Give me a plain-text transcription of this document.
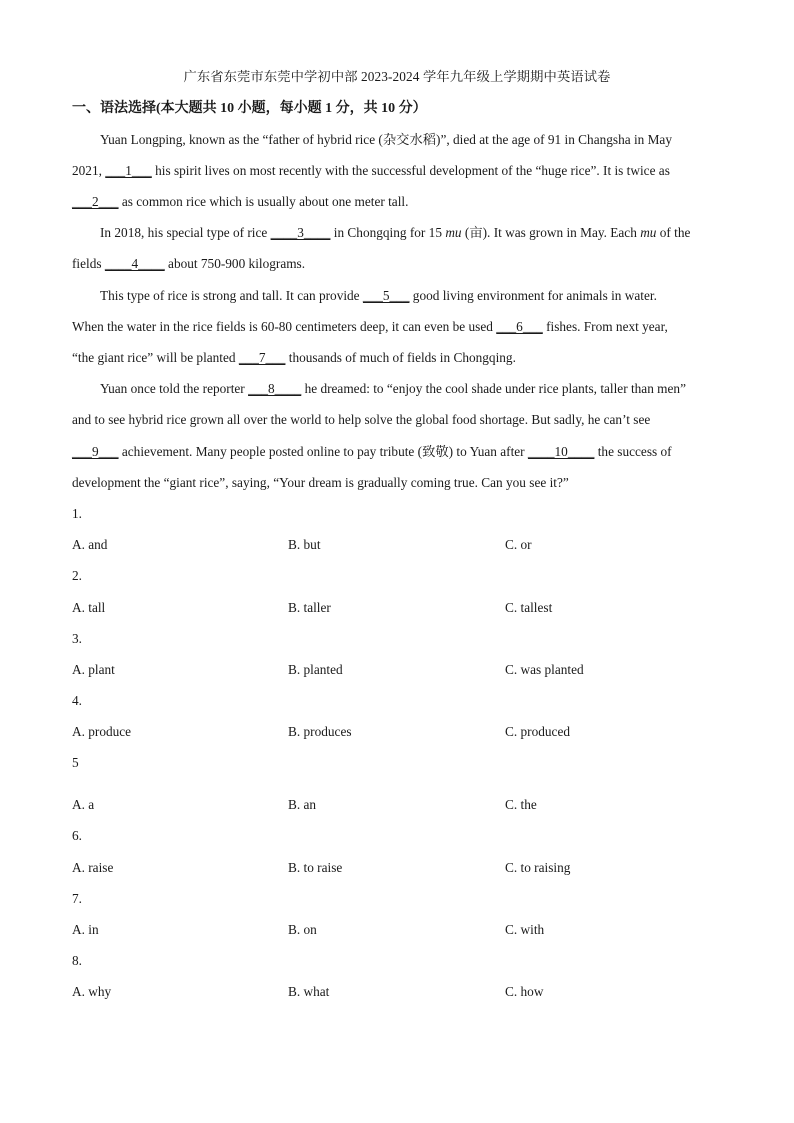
广东省东莞市东莞中学初中部 2023-2024 学年九年级上学期期中英语试卷
一、语法选择(本大题共 10 小题，每小题 1 分，共 10 分）
Yuan Longping, known as the “father of hybrid rice (杂交水稻)”, died at the age of 91 in Changsha in May
2021, ___1___ his spirit lives on most recently with the successful development of the “huge rice”. It is twice as
___2___ as common rice which is usually about one meter tall.
In 2018, his special type of rice ____3____ in Chongqing for 15 mu (亩). It was grown in May. Each mu of the
fields ____4____ about 750-900 kilograms.
This type of rice is strong and tall. It can provide ___5___ good living environment for animals in water.
When the water in the rice fields is 60-80 centimeters deep, it can even be used ___6___ fishes. From next year,
“the giant rice” will be planted ___7___ thousands of much of fields in Chongqing.
Yuan once told the reporter ___8____ he dreamed: to “enjoy the cool shade under rice plants, taller than men”
and to see hybrid rice grown all over the world to help solve the global food shortage. But sadly, he can’t see
___9___ achievement. Many people posted online to pay tribute (致敬) to Yuan after ____10____ the success of
development the “giant rice”, saying, “Your dream is gradually coming true. Can you see it?”
1.
A. and	B. but	C. or
2.
A. tall	B. taller	C. tallest
3.
A. plant	B. planted	C. was planted
4.
A. produce	B. produces	C. produced
5
A. a	B. an	C. the
6.
A. raise	B. to raise	C. to raising
7.
A. in	B. on	C. with
8.
A. why	B. what	C. how
